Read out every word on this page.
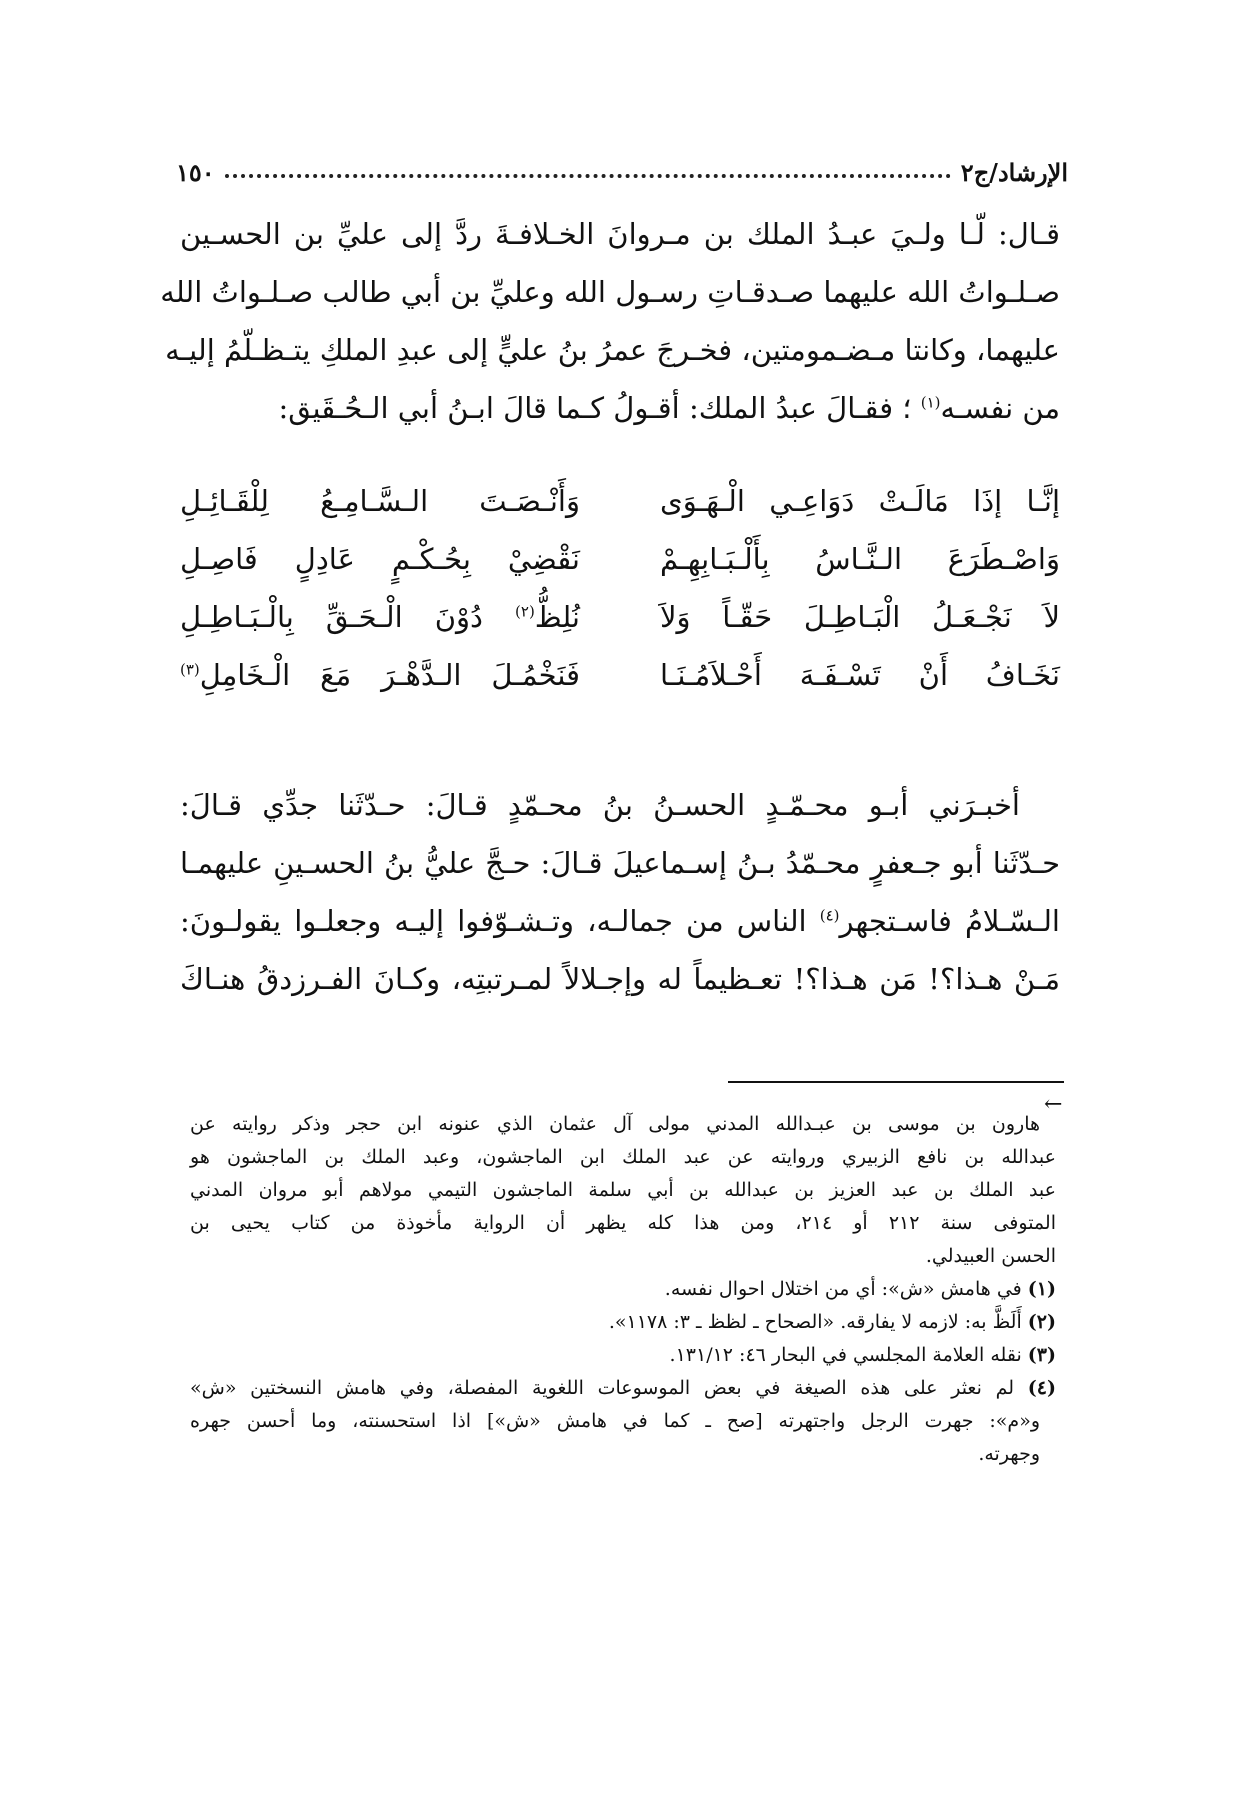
١٥٠	الإرشاد/ج٢
قـال: لّـا ولـيَ عبـدُ الملك بن مـروانَ الخـلافـةَ ردَّ إلى عليِّ بن الحسـين
صـلـواتُ الله عليهما صـدقـاتِ رسـول الله وعليِّ بن أبي طالب صـلـواتُ الله
عليهما، وكانتا مـضـمومتين، فخـرجَ عمرُ بنُ عليٍّ إلى عبدِ الملكِ يتـظـلّمُ إليـه
من نفسـه$^{(١)}$ ؛ فقـالَ عبدُ الملك: أقـولُ كـما قالَ ابـنُ أبي الـحُـقَيق:
إنَّـا إذَا مَالَـتْ دَوَاعِـي الْـهَـوَى
وَأَنْـصَـتَ الـسَّـامِـعُ لِلْقَـائِـلِ
وَاصْـطَرَعَ الـنَّـاسُ بِأَلْـبَـابِهِـمْ
نَقْضِيْ بِحُـكْـمٍ عَادِلٍ فَاصِـلِ
لاَ نَجْـعَـلُ الْبَـاطِـلَ حَقّـاً وَلاَ
نُلِظُّ$^{(٢)}$ دُوْنَ الْـحَـقِّ بِالْـبَـاطِـلِ
نَخَـافُ أَنْ تَسْـفَـهَ أَحْـلاَمُـنَـا
فَنَخْمُـلَ الـدَّهْـرَ مَعَ الْـخَامِلِ$^{(٣)}$
أخبـرَني أبـو محـمّـدٍ الحسـنُ بنُ محـمّدٍ قـالَ: حـدّثَنا جدِّي قـالَ:
حـدّثَنا أبو جـعفرٍ محـمّدُ بـنُ إسـماعيلَ قـالَ: حـجَّ عليُّ بنُ الحسـينِ عليهمـا
الـسّـلامُ فاسـتجهر$^{(٤)}$ الناس من جمالـه، وتـشـوّفوا إليـه وجعلـوا يقولـونَ:
مَـنْ هـذا؟! مَن هـذا؟! تعـظيماً له وإجـلالاً لمـرتبتِه، وكـانَ الفـرزدقُ هنـاكَ
←
هارون بن موسى بن عبـدالله المدني مولى آل عثمان الذي عنونه ابن حجر وذكر روايته عن
عبدالله بن نافع الزبيري وروايته عن عبد الملك ابن الماجشون، وعبد الملك بن الماجشون هو
عبد الملك بن عبد العزيز بن عبدالله بن أبي سلمة الماجشون التيمي مولاهم أبو مروان المدني
المتوفى سنة ٢١٢ أو ٢١٤، ومن هذا كله يظهر أن الرواية مأخوذة من كتاب يحيى بن
الحسن العبيدلي.
(١) في هامش «ش»: أي من اختلال احوال نفسه.
(٢) أَلَظَّ به: لازمه لا يفارقه. «الصحاح ـ لظظ ـ ٣: ١١٧٨».
(٣) نقله العلامة المجلسي في البحار ٤٦: ١٣١/١٢.
(٤) لم نعثر على هذه الصيغة في بعض الموسوعات اللغوية المفصلة، وفي هامش النسختين «ش»
و«م»: جهرت الرجل واجتهرته [صح ـ كما في هامش «ش»] اذا استحسنته، وما أحسن جهره
وجهرته.
